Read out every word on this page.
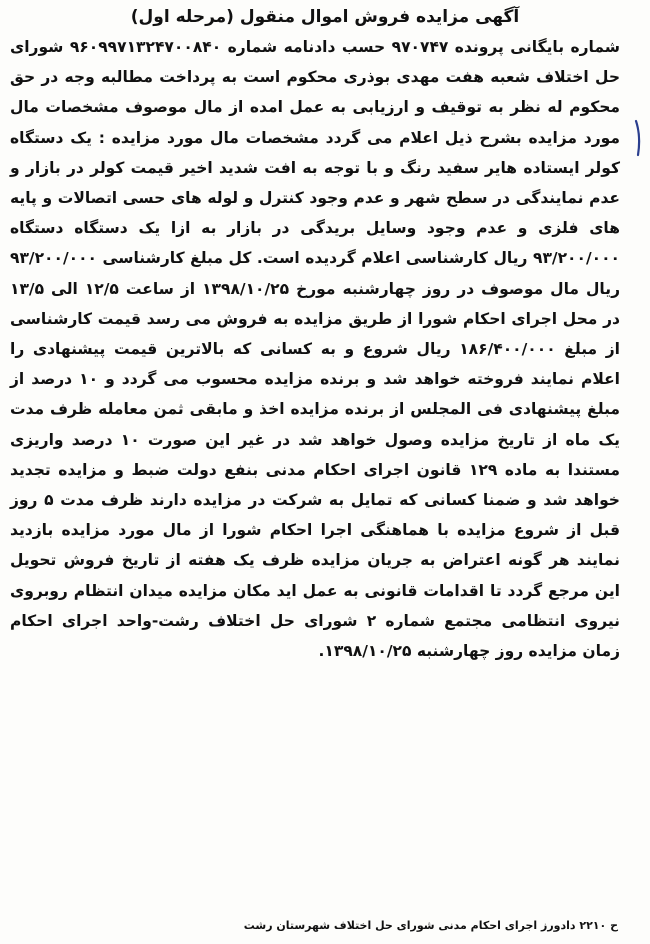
آگهی مزایده فروش اموال منقول (مرحله اول)

شماره بایگانی پرونده ۹۷۰۷۴۷ حسب دادنامه شماره ۹۶۰۹۹۷۱۳۲۴۷۰۰۸۴۰ شورای حل اختلاف شعبه هفت مهدی بوذری محکوم است به پرداخت مطالبه وجه در حق محکوم له نظر به توقیف و ارزیابی به عمل امده از مال موصوف مشخصات مال مورد مزایده بشرح ذیل اعلام می گردد مشخصات مال مورد مزایده : یک دستگاه کولر ایستاده هایر سفید رنگ و با توجه به افت شدید اخیر قیمت کولر در بازار و عدم نمایندگی در سطح شهر و عدم وجود کنترل و لوله های حسی اتصالات و پایه های فلزی و عدم وجود وسایل بریدگی در بازار به ازا یک دستگاه دستگاه ۹۳/۲۰۰/۰۰۰ ریال کارشناسی اعلام گردیده است. کل مبلغ کارشناسی ۹۳/۲۰۰/۰۰۰ ریال مال موصوف در روز چهارشنبه مورخ ۱۳۹۸/۱۰/۲۵ از ساعت ۱۲/۵ الی ۱۳/۵ در محل اجرای احکام شورا از طریق مزایده به فروش می رسد قیمت کارشناسی از مبلغ ۱۸۶/۴۰۰/۰۰۰ ریال شروع و به کسانی که بالاترین قیمت پیشنهادی را اعلام نمایند فروخته خواهد شد و برنده مزایده محسوب می گردد و ۱۰ درصد از مبلغ پیشنهادی فی المجلس از برنده مزایده اخذ و مابقی ثمن معامله ظرف مدت یک ماه از تاریخ مزایده وصول خواهد شد در غیر این صورت ۱۰ درصد واریزی مستندا به ماده ۱۲۹ قانون اجرای احکام مدنی بنفع دولت ضبط و مزایده تجدید خواهد شد و ضمنا کسانی که تمایل به شرکت در مزایده دارند ظرف مدت ۵ روز قبل از شروع مزایده با هماهنگی اجرا احکام شورا از مال مورد مزایده بازدید نمایند هر گونه اعتراض به جریان مزایده ظرف یک هفته از تاریخ فروش تحویل این مرجع گردد تا اقدامات قانونی به عمل اید مکان مزایده میدان انتظام روبروی نیروی انتظامی مجتمع شماره ۲ شورای حل اختلاف رشت-واحد اجرای احکام زمان مزایده روز چهارشنبه ۱۳۹۸/۱۰/۲۵.

ح ۲۲۱۰ دادورز اجرای احکام مدنی شورای حل اختلاف شهرستان رشت
